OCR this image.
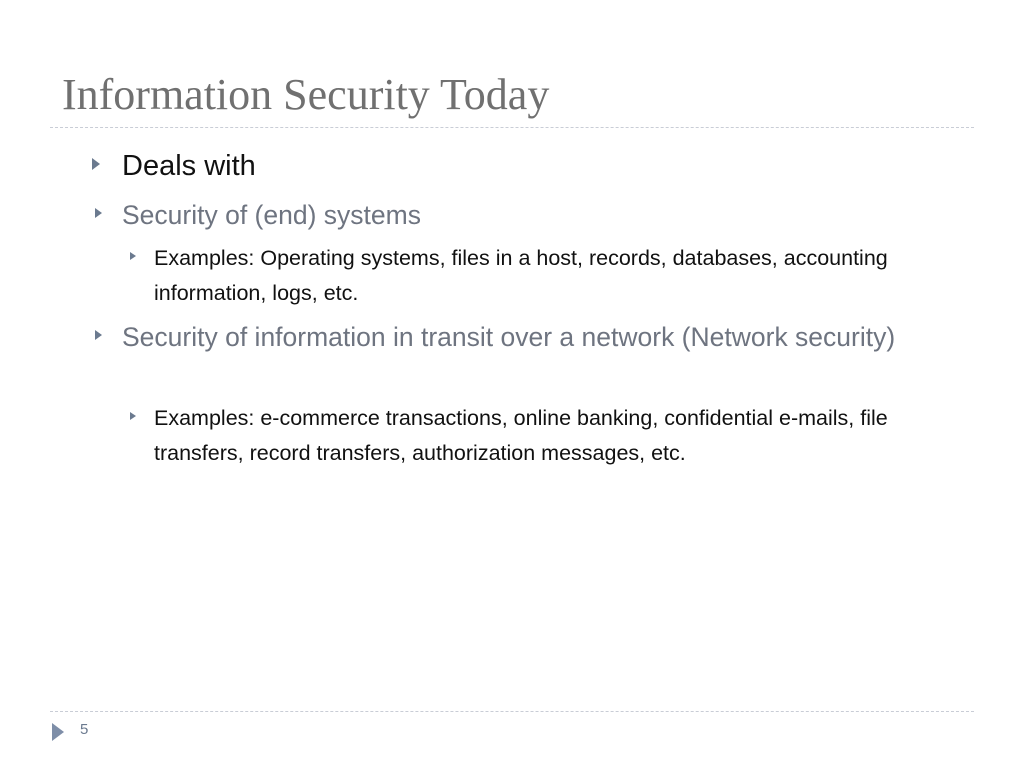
Information Security Today
Deals with
Security of (end) systems
Examples: Operating systems, files in a host, records, databases, accounting information, logs, etc.
Security of information in transit over a network (Network security)
Examples: e-commerce transactions, online banking, confidential e-mails, file transfers, record transfers, authorization messages, etc.
5
